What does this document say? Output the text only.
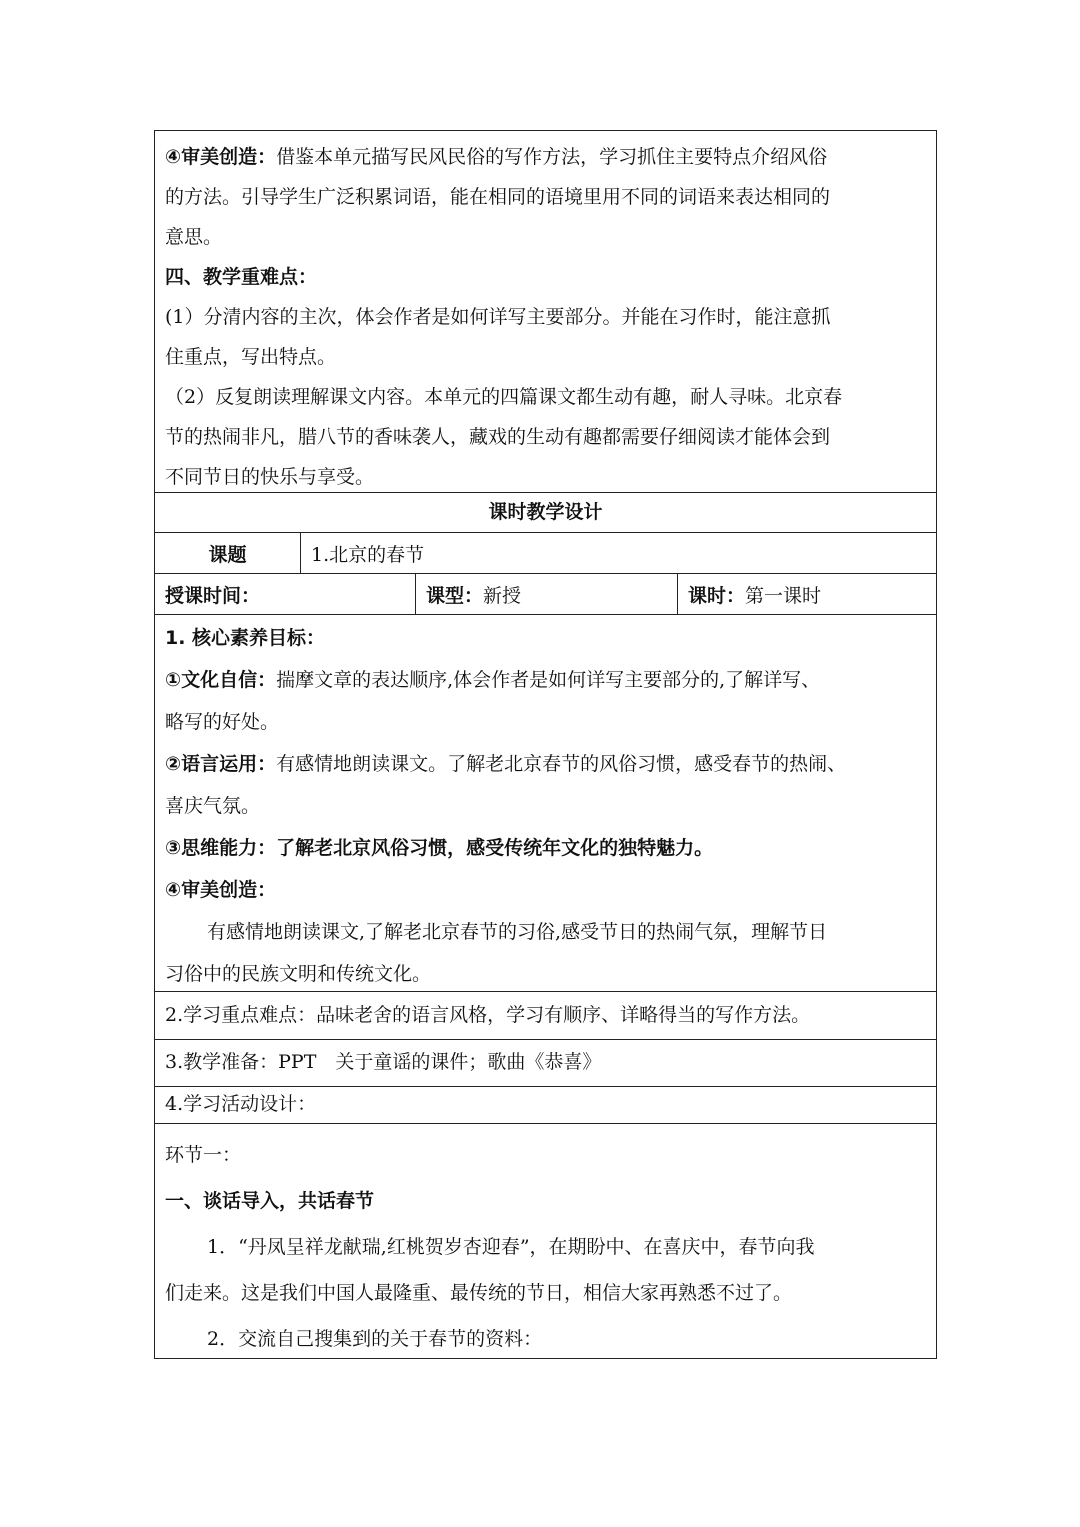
④审美创造：借鉴本单元描写民风民俗的写作方法，学习抓住主要特点介绍风俗
的方法。引导学生广泛积累词语，能在相同的语境里用不同的词语来表达相同的
意思。
四、教学重难点：
(1）分清内容的主次，体会作者是如何详写主要部分。并能在习作时，能注意抓
住重点，写出特点。
（2）反复朗读理解课文内容。本单元的四篇课文都生动有趣，耐人寻味。北京春
节的热闹非凡，腊八节的香味袭人，藏戏的生动有趣都需要仔细阅读才能体会到
不同节日的快乐与享受。
课时教学设计
课题	1.北京的春节
授课时间：	课型： 新授	课时： 第一课时
1. 核心素养目标：
①文化自信：揣摩文章的表达顺序,体会作者是如何详写主要部分的,了解详写、
略写的好处。
②语言运用：有感情地朗读课文。了解老北京春节的风俗习惯，感受春节的热闹、
喜庆气氛。
③思维能力：了解老北京风俗习惯，感受传统年文化的独特魅力。
④审美创造：
有感情地朗读课文,了解老北京春节的习俗,感受节日的热闹气氛，理解节日
习俗中的民族文明和传统文化。
2.学习重点难点：品味老舍的语言风格，学习有顺序、详略得当的写作方法。
3.教学准备：PPT　关于童谣的课件；歌曲《恭喜》
4.学习活动设计：
环节一：
一、谈话导入，共话春节
1．“丹凤呈祥龙献瑞,红桃贺岁杏迎春”，在期盼中、在喜庆中，春节向我
们走来。这是我们中国人最隆重、最传统的节日，相信大家再熟悉不过了。
2．交流自己搜集到的关于春节的资料：
